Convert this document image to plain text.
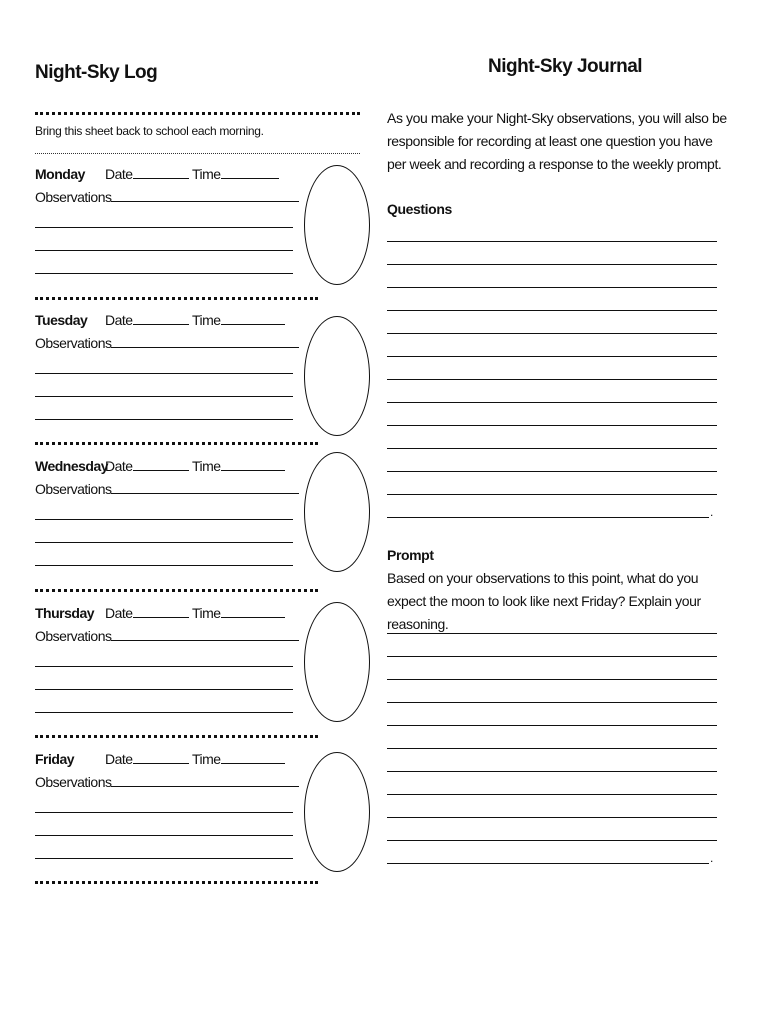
Night-Sky Log
Bring this sheet back to school each morning.
Monday Date	Time
Observations
Tuesday Date	Time
Observations
WednesdayDate	Time
Observations
Thursday Date	Time
Observations
Friday Date	Time
Observations
Night-Sky Journal
As you make your Night-Sky observations, you will also be responsible for recording at least one question you have per week and recording a response to the weekly prompt.
Questions
.
Prompt
Based on your observations to this point, what do you expect the moon to look like next Friday? Explain your reasoning.
.
